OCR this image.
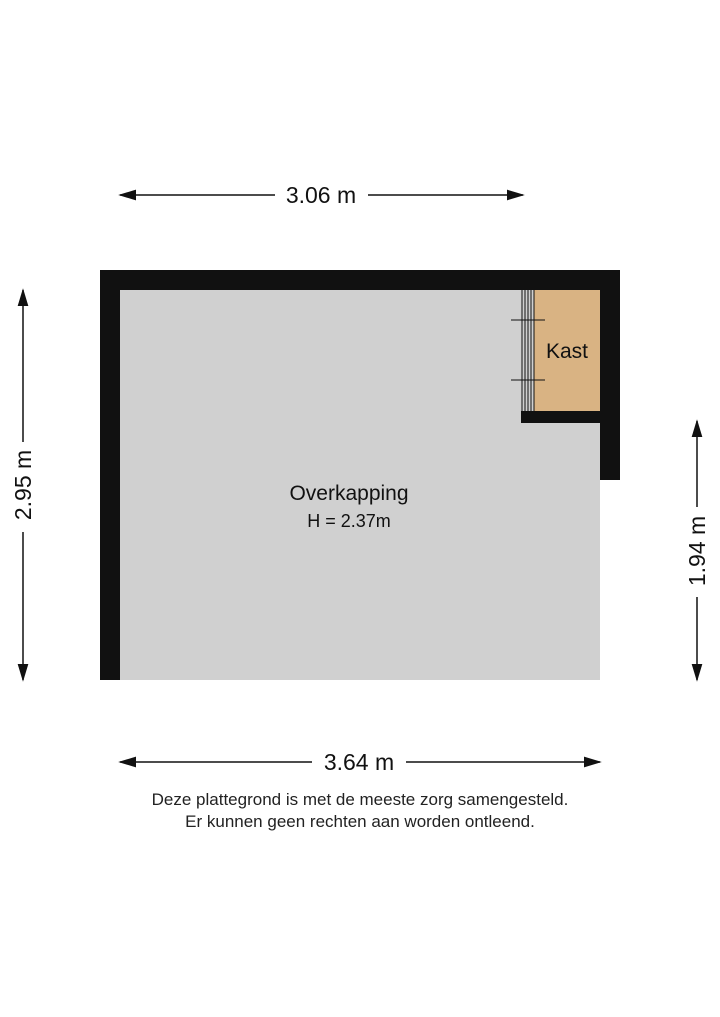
Kast
Overkapping
H = 2.37m
3.06 m
3.64 m
2.95 m
1.94 m
Deze plattegrond is met de meeste zorg samengesteld.
Er kunnen geen rechten aan worden ontleend.
